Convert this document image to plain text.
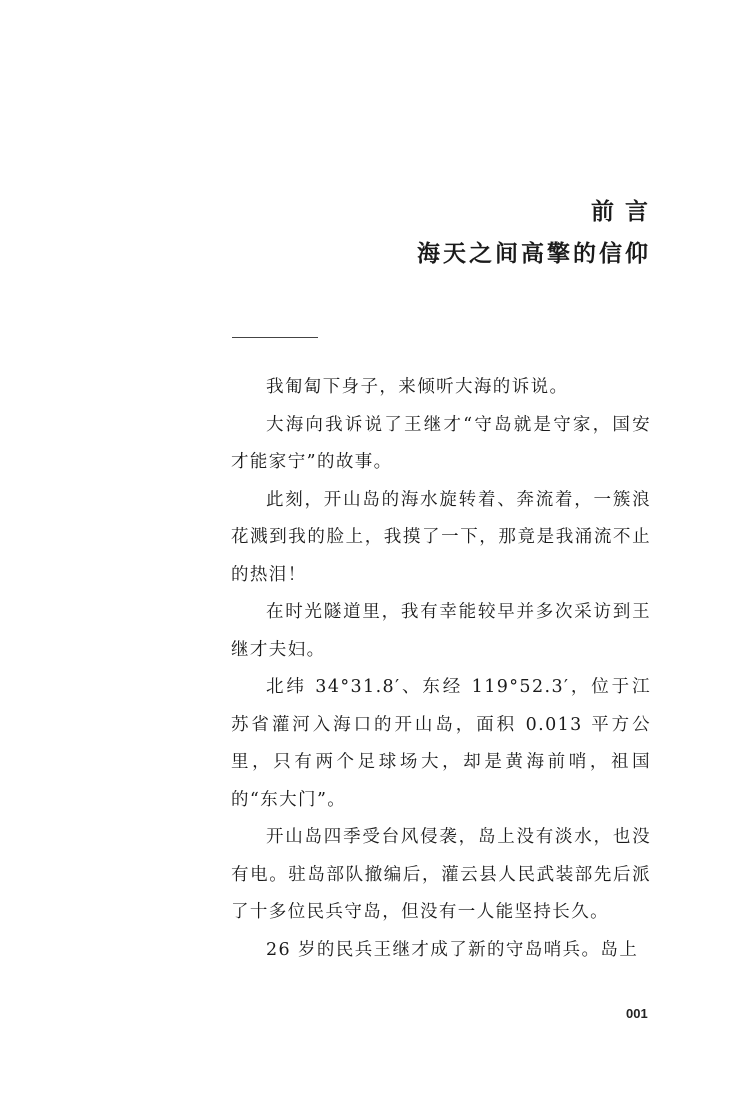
前言
海天之间高擎的信仰

我匍匐下身子，来倾听大海的诉说。

大海向我诉说了王继才“守岛就是守家，国安才能家宁”的故事。

此刻，开山岛的海水旋转着、奔流着，一簇浪花溅到我的脸上，我摸了一下，那竟是我涌流不止的热泪！

在时光隧道里，我有幸能较早并多次采访到王继才夫妇。

北纬 34°31.8′、东经 119°52.3′，位于江苏省灌河入海口的开山岛，面积 0.013 平方公里，只有两个足球场大，却是黄海前哨，祖国的“东大门”。

开山岛四季受台风侵袭，岛上没有淡水，也没有电。驻岛部队撤编后，灌云县人民武装部先后派了十多位民兵守岛，但没有一人能坚持长久。

26 岁的民兵王继才成了新的守岛哨兵。岛上

001
